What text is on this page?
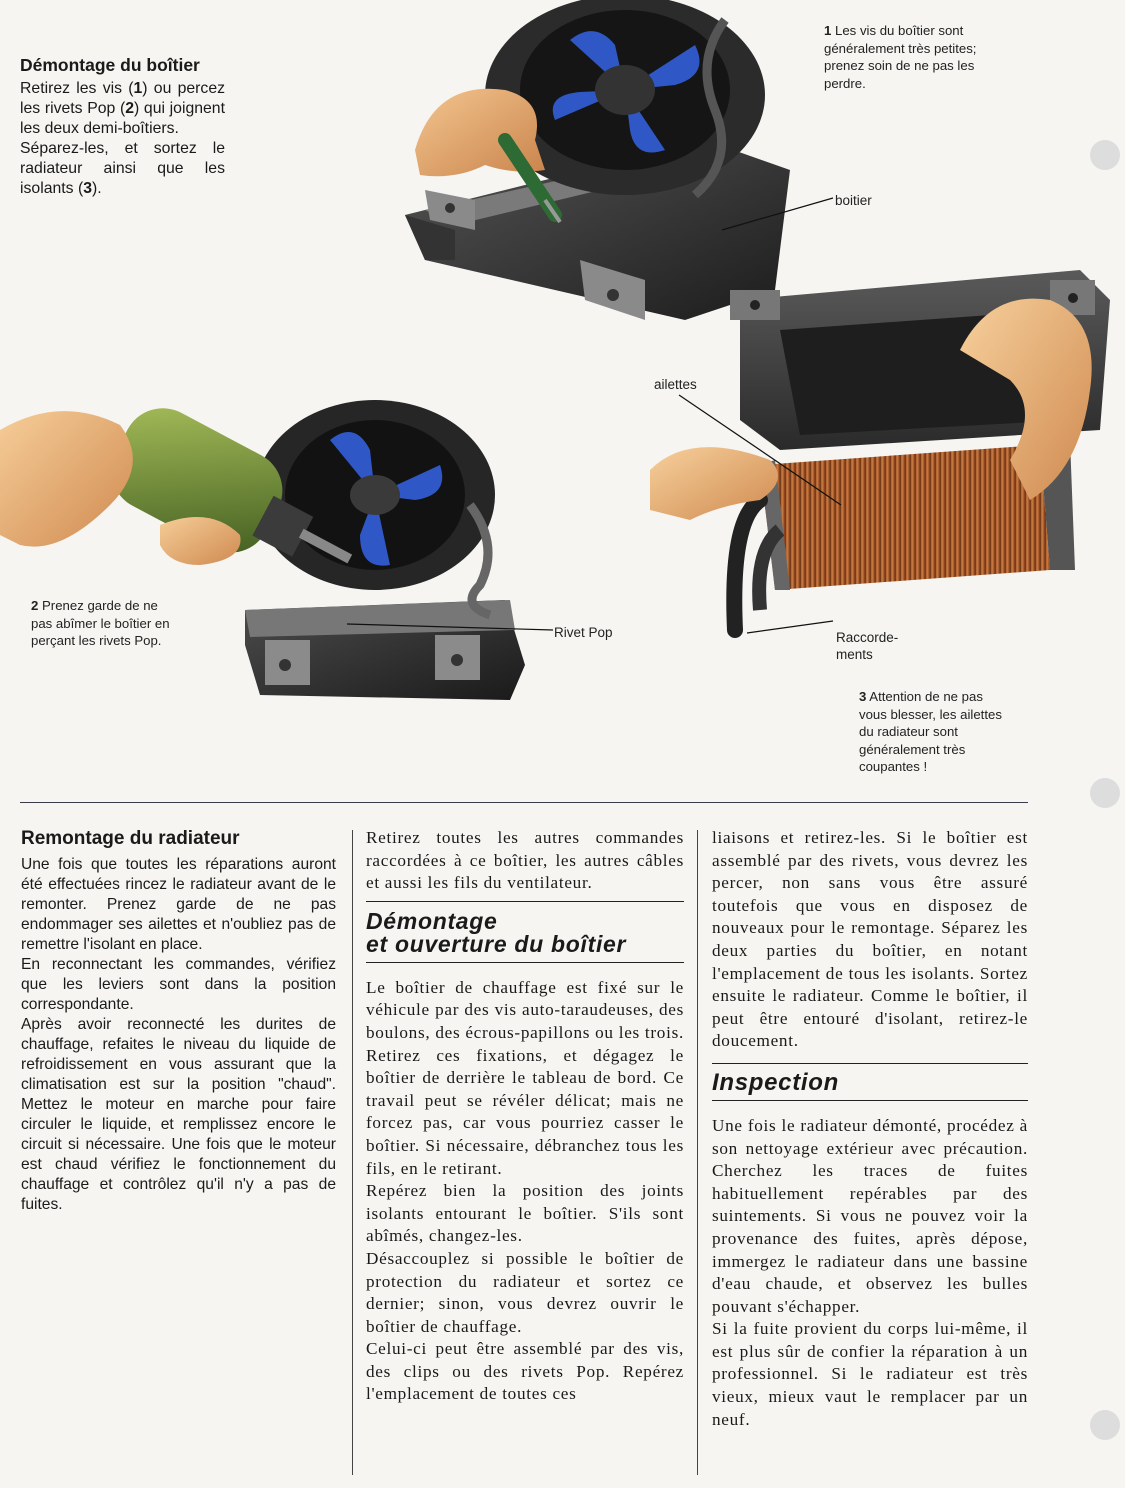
Démontage du boîtier
Retirez les vis (1) ou percez les rivets Pop (2) qui joignent les deux demi-boîtiers.
Séparez-les, et sortez le radiateur ainsi que les isolants (3).
1 Les vis du boîtier sont généralement très petites; prenez soin de ne pas les perdre.
boitier
2 Prenez garde de ne pas abîmer le boîtier en perçant les rivets Pop.
Rivet Pop
ailettes
Raccorde-ments
3 Attention de ne pas vous blesser, les ailettes du radiateur sont généralement très coupantes !
Remontage du radiateur

Une fois que toutes les réparations auront été effectuées rincez le radiateur avant de le remonter. Prenez garde de ne pas endommager ses ailettes et n'oubliez pas de remettre l'isolant en place.

En reconnectant les commandes, vérifiez que les leviers sont dans la position correspondante.

Après avoir reconnecté les durites de chauffage, refaites le niveau du liquide de refroidissement en vous assurant que la climatisation est sur la position "chaud". Mettez le moteur en marche pour faire circuler le liquide, et remplissez encore le circuit si nécessaire. Une fois que le moteur est chaud vérifiez le fonctionnement du chauffage et contrôlez qu'il n'y a pas de fuites.

Retirez toutes les autres commandes raccordées à ce boîtier, les autres câbles et aussi les fils du ventilateur.

Démontage
et ouverture du boîtier

Le boîtier de chauffage est fixé sur le véhicule par des vis auto-taraudeuses, des boulons, des écrous-papillons ou les trois.

Retirez ces fixations, et dégagez le boîtier de derrière le tableau de bord. Ce travail peut se révéler délicat; mais ne forcez pas, car vous pourriez casser le boîtier. Si nécessaire, débranchez tous les fils, en le retirant.

Repérez bien la position des joints isolants entourant le boîtier. S'ils sont abîmés, changez-les.

Désaccouplez si possible le boîtier de protection du radiateur et sortez ce dernier; sinon, vous devrez ouvrir le boîtier de chauffage.

Celui-ci peut être assemblé par des vis, des clips ou des rivets Pop. Repérez l'emplacement de toutes ces

liaisons et retirez-les. Si le boîtier est assemblé par des rivets, vous devrez les percer, non sans vous être assuré toutefois que vous en disposez de nouveaux pour le remontage. Séparez les deux parties du boîtier, en notant l'emplacement de tous les isolants. Sortez ensuite le radiateur. Comme le boîtier, il peut être entouré d'isolant, retirez-le doucement.

Inspection

Une fois le radiateur démonté, procédez à son nettoyage extérieur avec précaution. Cherchez les traces de fuites habituellement repérables par des suintements. Si vous ne pouvez voir la provenance des fuites, après dépose, immergez le radiateur dans une bassine d'eau chaude, et observez les bulles pouvant s'échapper.

Si la fuite provient du corps lui-même, il est plus sûr de confier la réparation à un professionnel. Si le radiateur est très vieux, mieux vaut le remplacer par un neuf.
